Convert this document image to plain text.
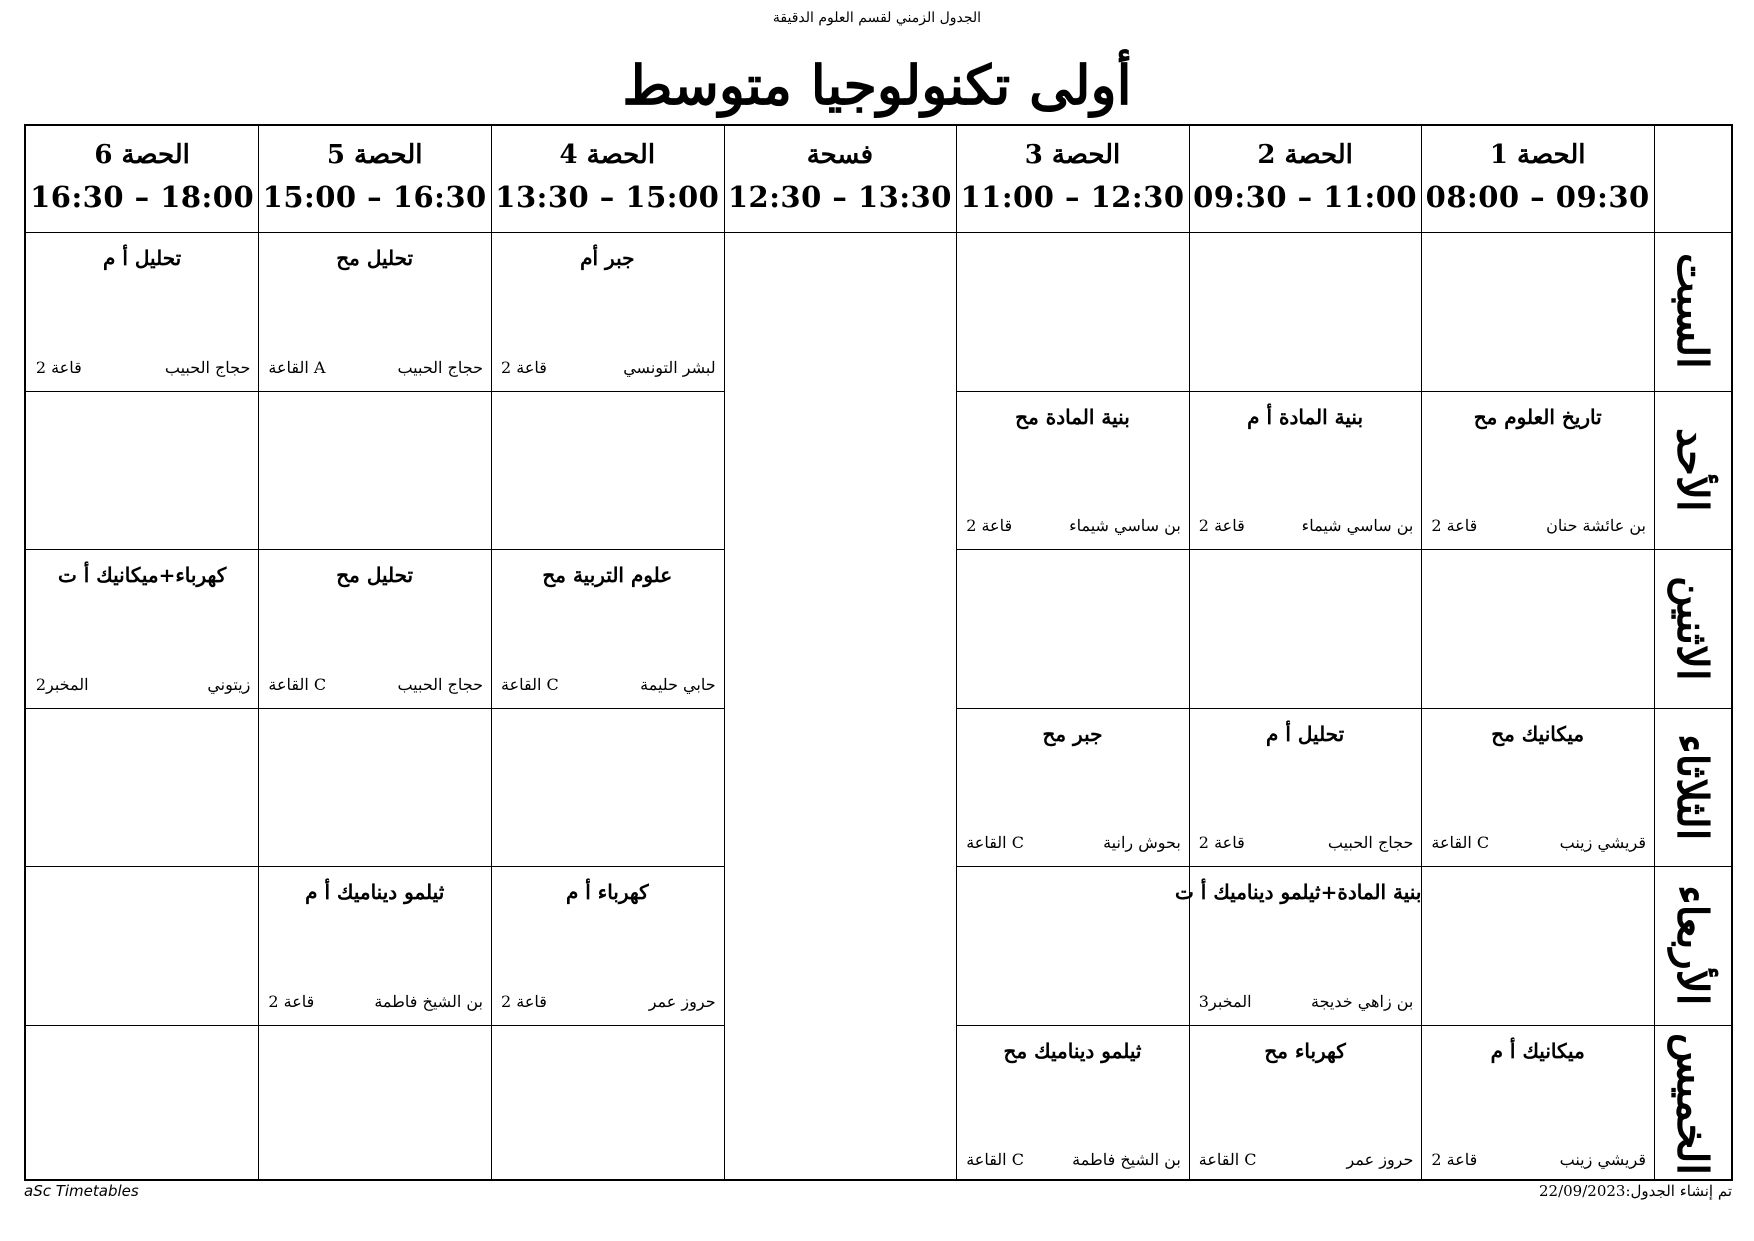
الجدول الزمني لقسم العلوم الدقيقة
أولى تكنولوجيا متوسط
الحصة 1
08:00 – 09:30
الحصة 2
09:30 – 11:00
الحصة 3
11:00 – 12:30
فسحة
12:30 – 13:30
الحصة 4
13:30 – 15:00
الحصة 5
15:00 – 16:30
الحصة 6
16:30 – 18:00
السبت
الأحد
الاثنين
الثلاثاء
الأربعاء
الخميس
جبر أم
لبشر التونسي
قاعة 2
تحليل مح
حجاج الحبيب
A القاعة
تحليل أ م
حجاج الحبيب
قاعة 2
تاريخ العلوم مح
بن عائشة حنان
قاعة 2
بنية المادة أ م
بن ساسي شيماء
قاعة 2
بنية المادة مح
بن ساسي شيماء
قاعة 2
علوم التربية مح
حابي حليمة
C القاعة
تحليل مح
حجاج الحبيب
C القاعة
كهرباء+ميكانيك أ ت
زيتوني
المخبر2
ميكانيك مح
قريشي زينب
C القاعة
تحليل أ م
حجاج الحبيب
قاعة 2
جبر مح
بحوش رانية
C القاعة
بنية المادة+ثيلمو ديناميك أ ت
بن زاهي خديجة
المخبر3
كهرباء أ م
حروز عمر
قاعة 2
ثيلمو ديناميك أ م
بن الشيخ فاطمة
قاعة 2
ميكانيك أ م
قريشي زينب
قاعة 2
كهرباء مح
حروز عمر
C القاعة
ثيلمو ديناميك مح
بن الشيخ فاطمة
C القاعة
aSc Timetables	تم إنشاء الجدول:22/09/2023
